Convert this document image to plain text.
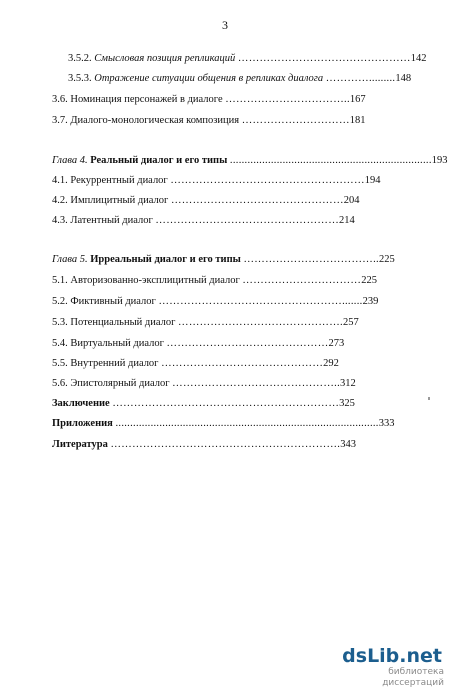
3
3.5.2. Смысловая позиция репликаций …………………………………………142
3.5.3. Отражение ситуации общения в репликах диалога ………….........148
3.6. Номинация персонажей в диалоге ……………………………..167
3.7. Диалого-монологическая композиция …………………………181
Глава 4. Реальный диалог и его типы .....................................................................193
4.1. Рекуррентный диалог ………………………………………………194
4.2. Имплицитный диалог …………………………………………204
4.3. Латентный диалог ……………………………………………214
Глава 5. Ирреальный диалог и его типы ………………………………..225
5.1. Авторизованно-эксплицитный диалог ……………………………225
5.2. Фиктивный диалог …………………………………………….......239
5.3. Потенциальный диалог ……………………………………….257
5.4. Виртуальный диалог ………………………………………273
5.5. Внутренний диалог ………………………………………292
5.6. Эпистолярный диалог ………………………………………..312
Заключение ………………………………………………………325
Приложения ..........................................................................................333
Литература ……………………………………………………….343
dsLib.net
библиотека диссертаций
